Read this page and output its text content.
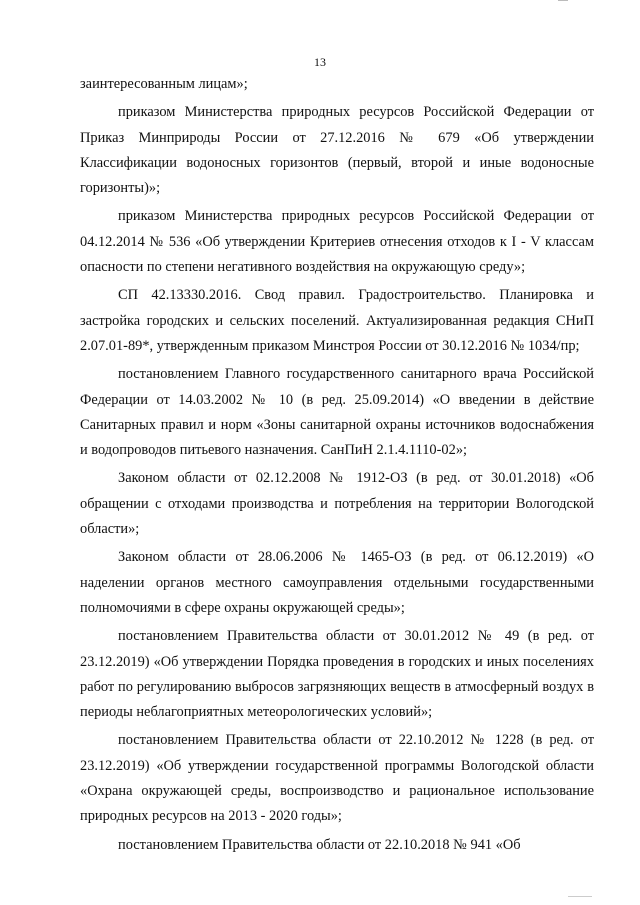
13

заинтересованным лицам»;

приказом Министерства природных ресурсов Российской Федерации от Приказ Минприроды России от 27.12.2016 № 679 «Об утверждении Классификации водоносных горизонтов (первый, второй и иные водоносные горизонты)»;

приказом Министерства природных ресурсов Российской Федерации от 04.12.2014 № 536 «Об утверждении Критериев отнесения отходов к I - V классам опасности по степени негативного воздействия на окружающую среду»;

СП 42.13330.2016. Свод правил. Градостроительство. Планировка и застройка городских и сельских поселений. Актуализированная редакция СНиП 2.07.01-89*, утвержденным приказом Минстроя России от 30.12.2016 № 1034/пр;

постановлением Главного государственного санитарного врача Российской Федерации от 14.03.2002 № 10 (в ред. 25.09.2014) «О введении в действие Санитарных правил и норм «Зоны санитарной охраны источников водоснабжения и водопроводов питьевого назначения. СанПиН 2.1.4.1110-02»;

Законом области от 02.12.2008 № 1912-ОЗ (в ред. от 30.01.2018) «Об обращении с отходами производства и потребления на территории Вологодской области»;

Законом области от 28.06.2006 № 1465-ОЗ (в ред. от 06.12.2019) «О наделении органов местного самоуправления отдельными государственными полномочиями в сфере охраны окружающей среды»;

постановлением Правительства области от 30.01.2012 № 49 (в ред. от 23.12.2019) «Об утверждении Порядка проведения в городских и иных поселениях работ по регулированию выбросов загрязняющих веществ в атмосферный воздух в периоды неблагоприятных метеорологических условий»;

постановлением Правительства области от 22.10.2012 № 1228 (в ред. от 23.12.2019) «Об утверждении государственной программы Вологодской области «Охрана окружающей среды, воспроизводство и рациональное использование природных ресурсов на 2013 - 2020 годы»;

постановлением Правительства области от 22.10.2018 № 941 «Об
